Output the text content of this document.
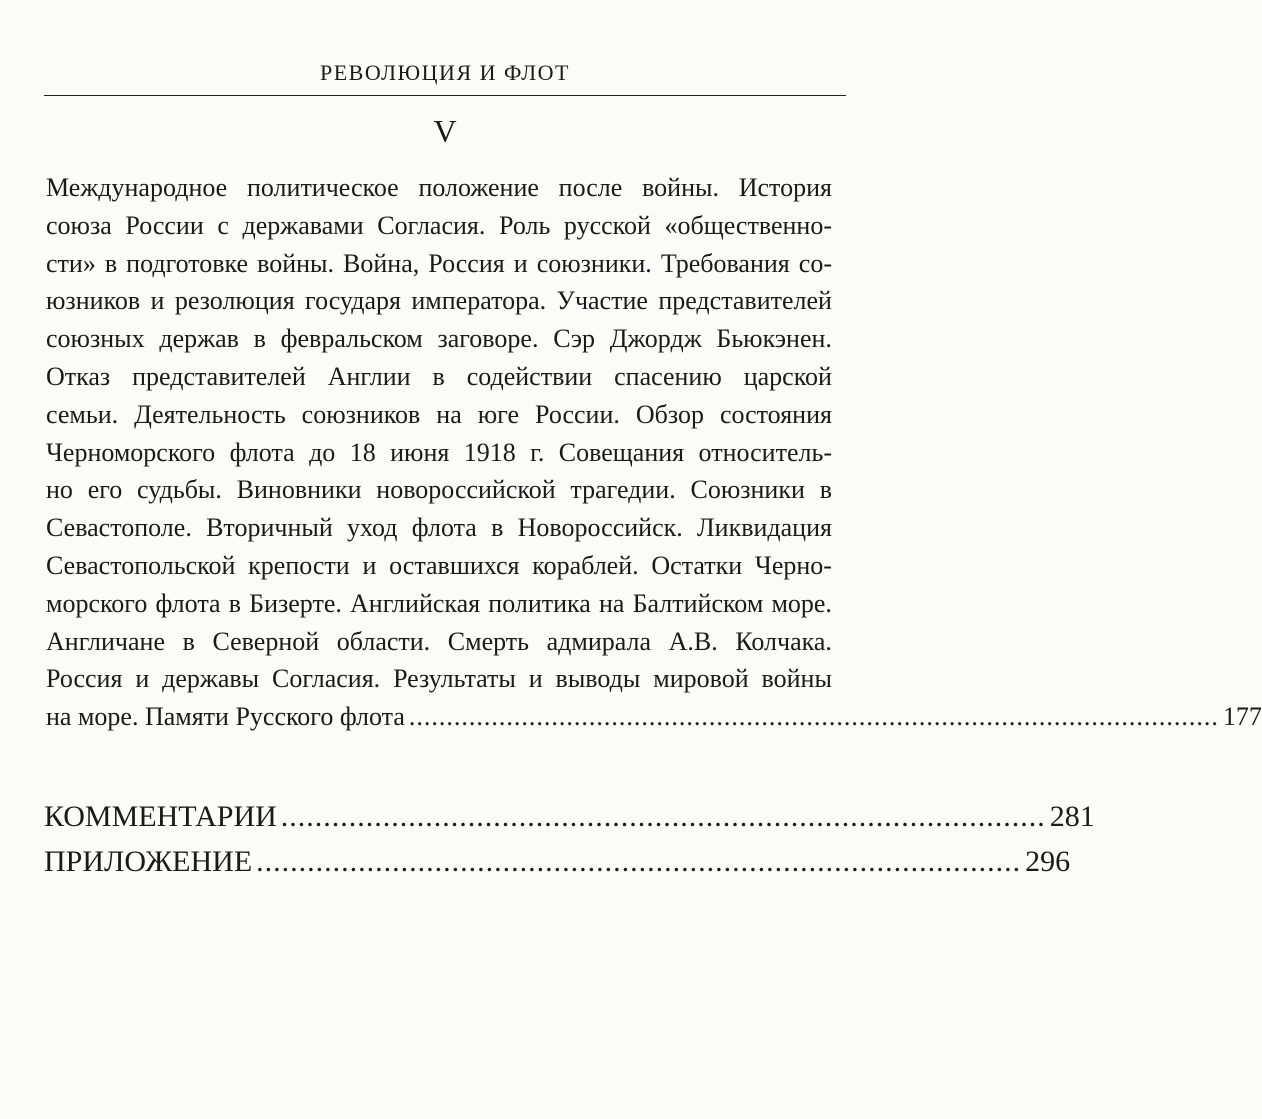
РЕВОЛЮЦИЯ И ФЛОТ
V
Международное политическое положение после войны. История
союза России с державами Согласия. Роль русской «общественно-
сти» в подготовке войны. Война, Россия и союзники. Требования со-
юзников и резолюция государя императора. Участие представителей
союзных держав в февральском заговоре. Сэр Джордж Бьюкэнен.
Отказ представителей Англии в содействии спасению царской
семьи. Деятельность союзников на юге России. Обзор состояния
Черноморского флота до 18 июня 1918 г. Совещания относитель-
но его судьбы. Виновники новороссийской трагедии. Союзники в
Севастополе. Вторичный уход флота в Новороссийск. Ликвидация
Севастопольской крепости и оставшихся кораблей. Остатки Черно-
морского флота в Бизерте. Английская политика на Балтийском море.
Англичане в Северной области. Смерть адмирала А.В. Колчака.
Россия и державы Согласия. Результаты и выводы мировой войны
на море. Памяти Русского флота ............................................................................................................ 177
КОММЕНТАРИИ .......................................................................................... 281
ПРИЛОЖЕНИЕ .......................................................................................... 296
